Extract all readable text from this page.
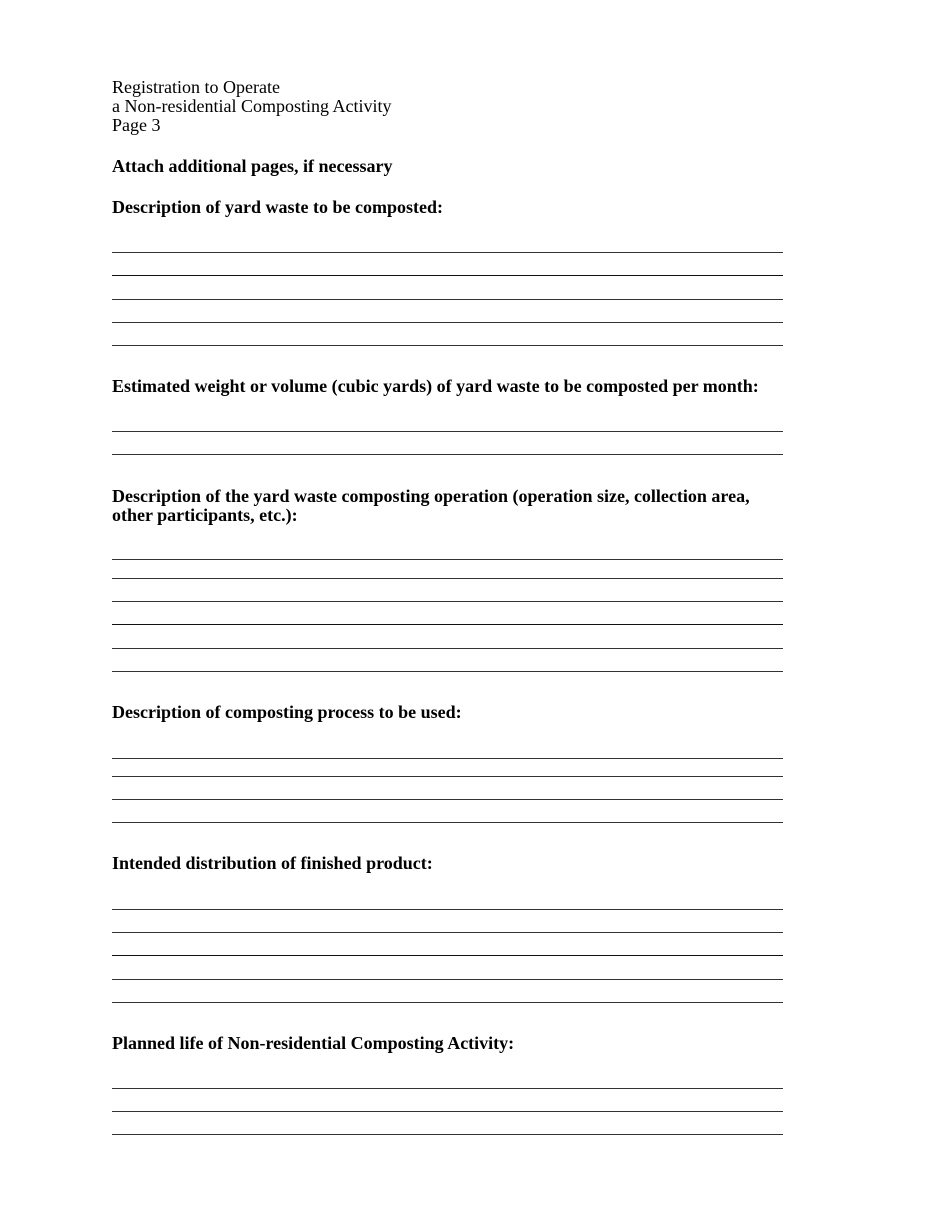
Registration to Operate
a Non-residential Composting Activity
Page 3
Attach additional pages, if necessary
Description of yard waste to be composted:
Estimated weight or volume (cubic yards) of yard waste to be composted per month:
Description of the yard waste composting operation (operation size, collection area, other participants, etc.):
Description of composting process to be used:
Intended distribution of finished product:
Planned life of Non-residential Composting Activity:
